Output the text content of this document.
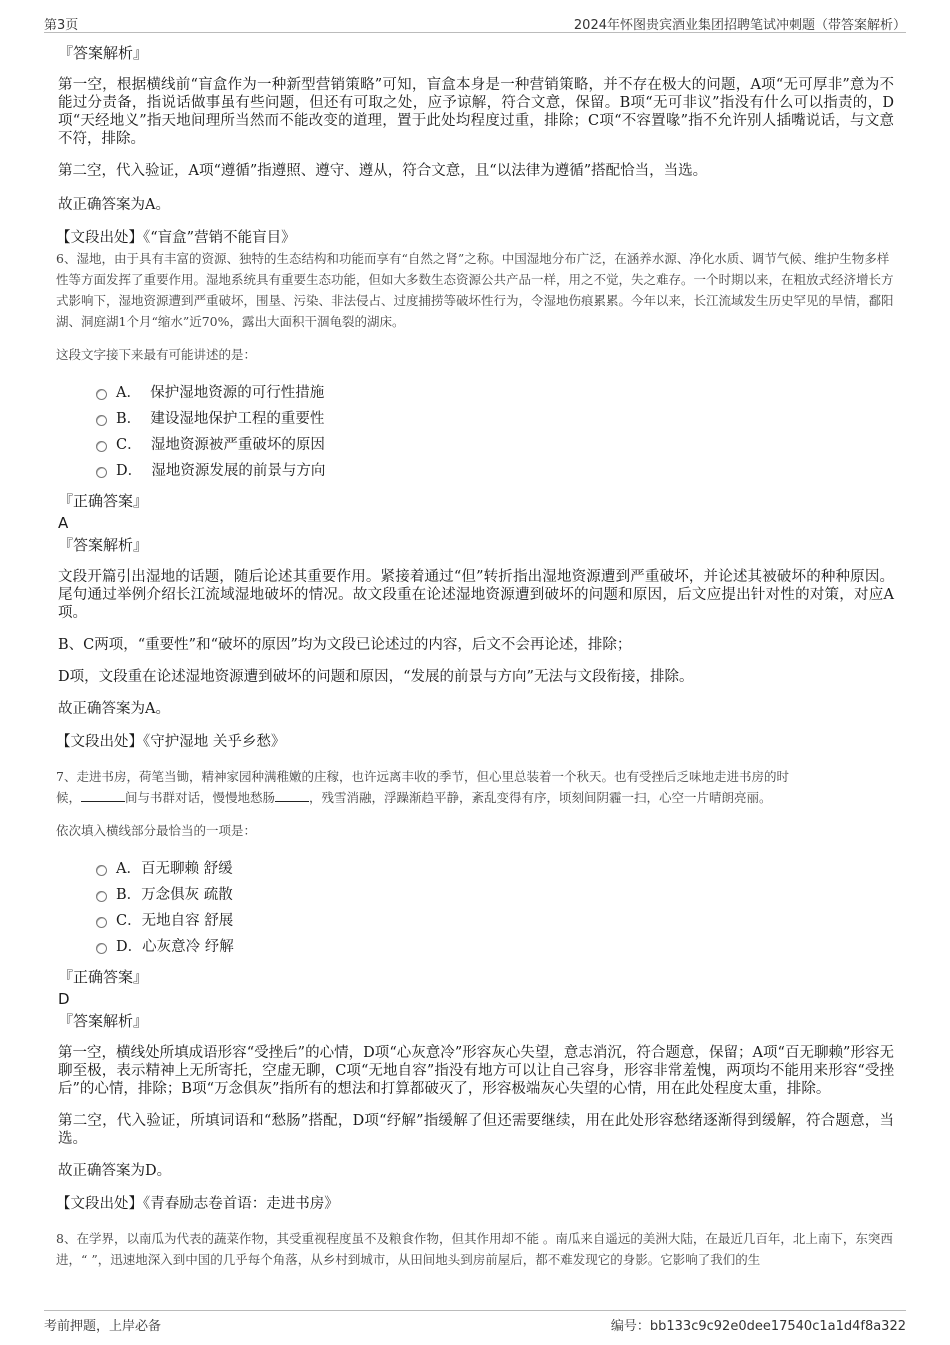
第3页	2024年怀图贵宾酒业集团招聘笔试冲刺题（带答案解析）
『答案解析』

第一空，根据横线前“盲盒作为一种新型营销策略”可知，盲盒本身是一种营销策略，并不存在极大的问题，A项“无可厚非”意为不能过分责备，指说话做事虽有些问题，但还有可取之处，应予谅解，符合文意，保留。B项“无可非议”指没有什么可以指责的，D项“天经地义”指天地间理所当然而不能改变的道理，置于此处均程度过重，排除；C项“不容置喙”指不允许别人插嘴说话，与文意不符，排除。

第二空，代入验证，A项“遵循”指遵照、遵守、遵从，符合文意，且“以法律为遵循”搭配恰当，当选。

故正确答案为A。

【文段出处】《“盲盒”营销不能盲目》

6、湿地，由于具有丰富的资源、独特的生态结构和功能而享有“自然之肾”之称。中国湿地分布广泛，在涵养水源、净化水质、调节气候、维护生物多样性等方面发挥了重要作用。湿地系统具有重要生态功能，但如大多数生态资源公共产品一样，用之不觉，失之难存。一个时期以来，在粗放式经济增长方式影响下，湿地资源遭到严重破坏，围垦、污染、非法侵占、过度捕捞等破坏性行为，令湿地伤痕累累。今年以来，长江流域发生历史罕见的旱情，鄱阳湖、洞庭湖1个月“缩水”近70%，露出大面积干涸龟裂的湖床。

这段文字接下来最有可能讲述的是：

A． 保护湿地资源的可行性措施
B． 建设湿地保护工程的重要性
C． 湿地资源被严重破坏的原因
D． 湿地资源发展的前景与方向
『正确答案』
A
『答案解析』

文段开篇引出湿地的话题，随后论述其重要作用。紧接着通过“但”转折指出湿地资源遭到严重破坏，并论述其被破坏的种种原因。尾句通过举例介绍长江流域湿地破坏的情况。故文段重在论述湿地资源遭到破坏的问题和原因，后文应提出针对性的对策，对应A项。

B、C两项，“重要性”和“破坏的原因”均为文段已论述过的内容，后文不会再论述，排除；

D项，文段重在论述湿地资源遭到破坏的问题和原因，“发展的前景与方向”无法与文段衔接，排除。

故正确答案为A。

【文段出处】《守护湿地 关乎乡愁》

7、走进书房，荷笔当锄，精神家园种满稚嫩的庄稼，也许远离丰收的季节，但心里总装着一个秋天。也有受挫后乏味地走进书房的时
候，	间与书群对话，慢慢地愁肠	，残雪消融，浮躁渐趋平静，紊乱变得有序，顷刻间阴霾一扫，心空一片晴朗亮丽。

依次填入横线部分最恰当的一项是：

A．百无聊赖 舒缓
B．万念俱灰 疏散
C．无地自容 舒展
D．心灰意冷 纾解
『正确答案』
D
『答案解析』

第一空，横线处所填成语形容“受挫后”的心情，D项“心灰意冷”形容灰心失望，意志消沉，符合题意，保留；A项“百无聊赖”形容无聊至极，表示精神上无所寄托，空虚无聊，C项“无地自容”指没有地方可以让自己容身，形容非常羞愧，两项均不能用来形容“受挫后”的心情，排除；B项“万念俱灰”指所有的想法和打算都破灭了，形容极端灰心失望的心情，用在此处程度太重，排除。

第二空，代入验证，所填词语和“愁肠”搭配，D项“纾解”指缓解了但还需要继续，用在此处形容愁绪逐渐得到缓解，符合题意，当选。

故正确答案为D。

【文段出处】《青春励志卷首语：走进书房》

8、在学界，以南瓜为代表的蔬菜作物，其受重视程度虽不及粮食作物，但其作用却不能 。南瓜来自遥远的美洲大陆，在最近几百年，北上南下，东突西进，“ ”，迅速地深入到中国的几乎每个角落，从乡村到城市，从田间地头到房前屋后，都不难发现它的身影。它影响了我们的生

考前押题，上岸必备	编号：bb133c9c92e0dee17540c1a1d4f8a322
